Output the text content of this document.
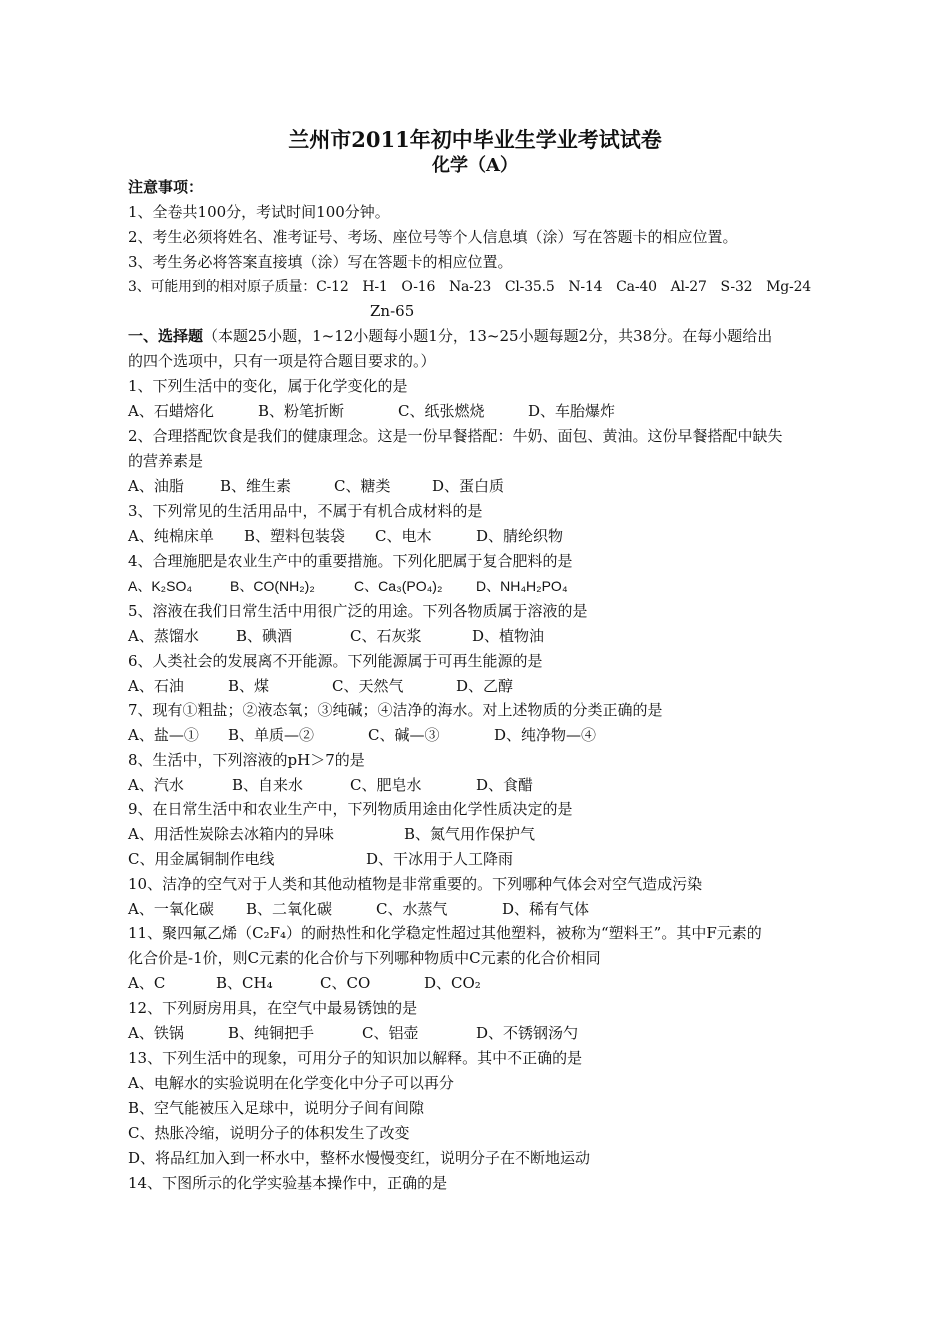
兰州市2011年初中毕业生学业考试试卷
化学（A）
注意事项：
1、全卷共100分，考试时间100分钟。
2、考生必须将姓名、准考证号、考场、座位号等个人信息填（涂）写在答题卡的相应位置。
3、考生务必将答案直接填（涂）写在答题卡的相应位置。
3、可能用到的相对原子质量：C-12　H-1　O-16　Na-23　Cl-35.5　N-14　Ca-40　Al-27　S-32　Mg-24
Zn-65
一、选择题（本题25小题，1~12小题每小题1分，13~25小题每题2分，共38分。在每小题给出
的四个选项中，只有一项是符合题目要求的。）
1、下列生活中的变化，属于化学变化的是
A、石蜡熔化	B、粉笔折断	C、纸张燃烧	D、车胎爆炸
2、合理搭配饮食是我们的健康理念。这是一份早餐搭配：牛奶、面包、黄油。这份早餐搭配中缺失
的营养素是
A、油脂 B、维生素	C、糖类	D、蛋白质
3、下列常见的生活用品中，不属于有机合成材料的是
A、纯棉床单 B、塑料包装袋 C、电木	D、腈纶织物
4、合理施肥是农业生产中的重要措施。下列化肥属于复合肥料的是
A、K₂SO₄	B、CO(NH₂)₂	C、Ca₃(PO₄)₂ D、NH₄H₂PO₄
5、溶液在我们日常生活中用很广泛的用途。下列各物质属于溶液的是
A、蒸馏水 B、碘酒	C、石灰浆	D、植物油
6、人类社会的发展离不开能源。下列能源属于可再生能源的是
A、石油	B、煤	C、天然气	D、乙醇
7、现有①粗盐；②液态氧；③纯碱；④洁净的海水。对上述物质的分类正确的是
A、盐—① B、单质—②	C、碱—③	D、纯净物—④
8、生活中，下列溶液的pH＞7的是
A、汽水	B、自来水	C、肥皂水	D、食醋
9、在日常生活中和农业生产中，下列物质用途由化学性质决定的是
A、用活性炭除去冰箱内的异味	B、氮气用作保护气
C、用金属铜制作电线	D、干冰用于人工降雨
10、洁净的空气对于人类和其他动植物是非常重要的。下列哪种气体会对空气造成污染
A、一氧化碳 B、二氧化碳	C、水蒸气	D、稀有气体
11、聚四氟乙烯（C₂F₄）的耐热性和化学稳定性超过其他塑料，被称为“塑料王”。其中F元素的
化合价是-1价，则C元素的化合价与下列哪种物质中C元素的化合价相同
A、C	B、CH₄	C、CO	D、CO₂
12、下列厨房用具，在空气中最易锈蚀的是
A、铁锅	B、纯铜把手	C、铝壶	D、不锈钢汤勺
13、下列生活中的现象，可用分子的知识加以解释。其中不正确的是
A、电解水的实验说明在化学变化中分子可以再分
B、空气能被压入足球中，说明分子间有间隙
C、热胀冷缩，说明分子的体积发生了改变
D、将品红加入到一杯水中，整杯水慢慢变红，说明分子在不断地运动
14、下图所示的化学实验基本操作中，正确的是
